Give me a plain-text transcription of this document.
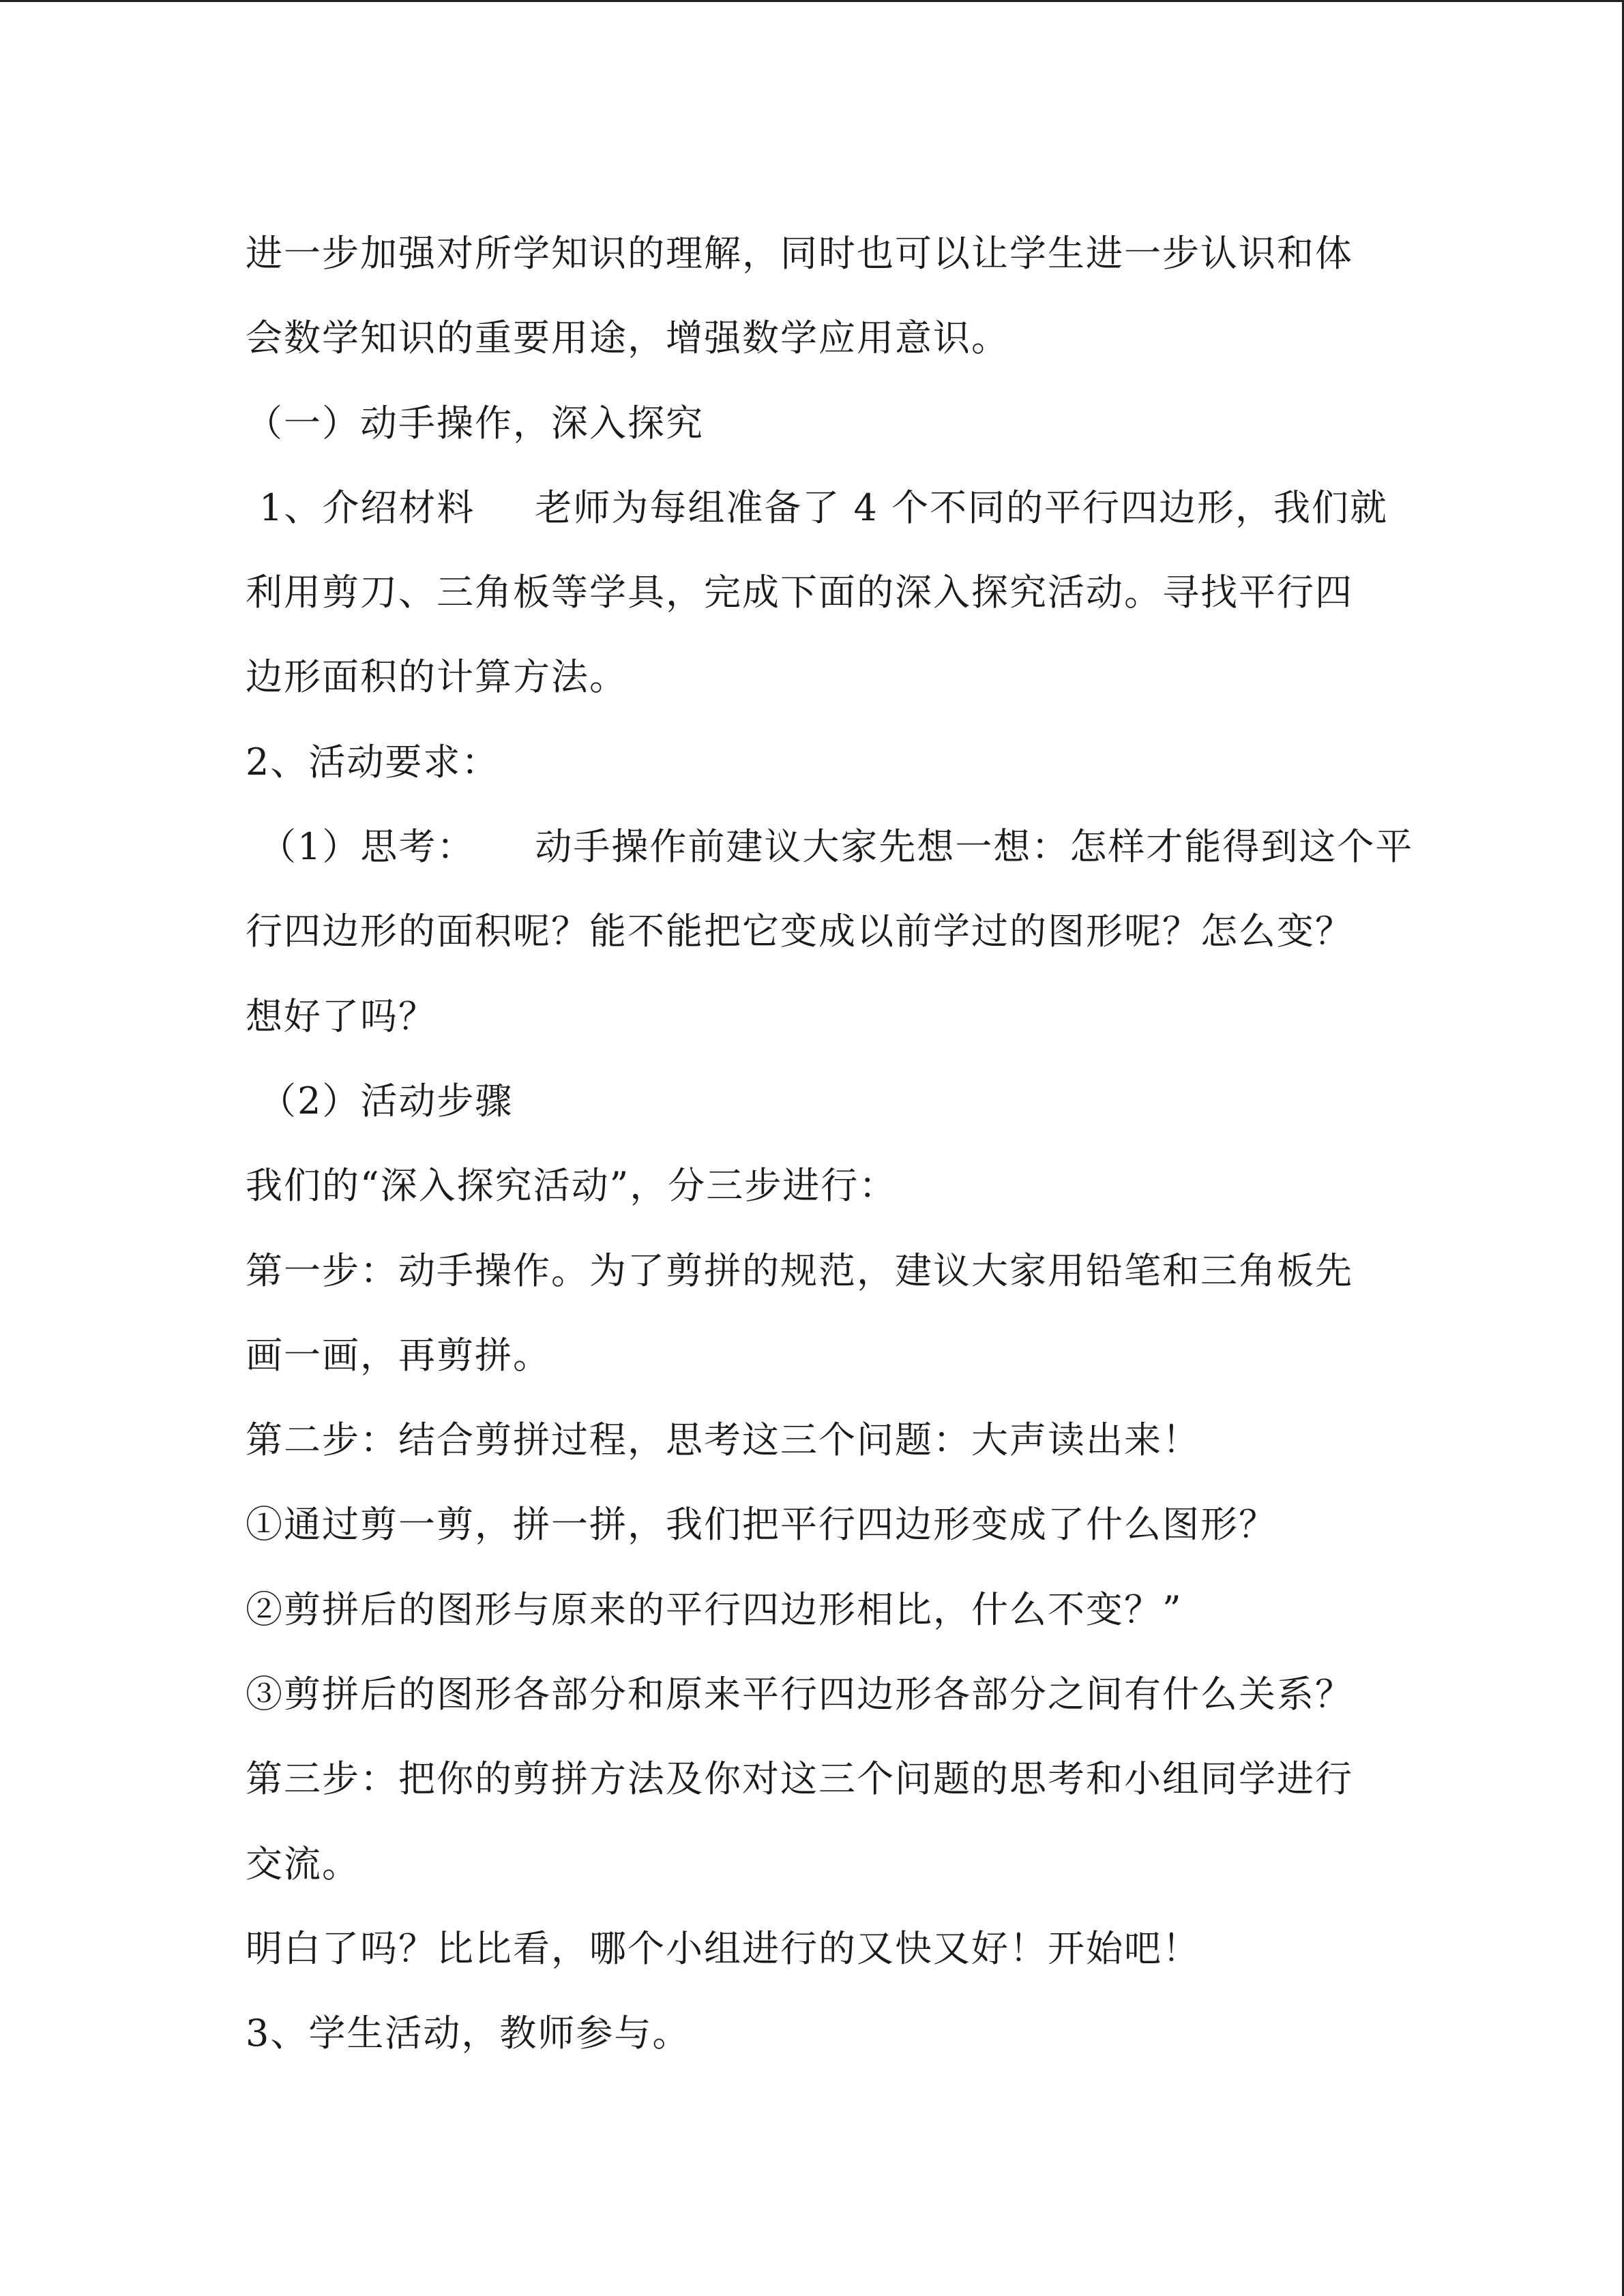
进一步加强对所学知识的理解，同时也可以让学生进一步认识和体
会数学知识的重要用途，增强数学应用意识。
（一）动手操作，深入探究
1、介绍材料 老师为每组准备了 4 个不同的平行四边形，我们就
利用剪刀、三角板等学具，完成下面的深入探究活动。寻找平行四
边形面积的计算方法。
2、活动要求：
（1）思考： 动手操作前建议大家先想一想：怎样才能得到这个平
行四边形的面积呢？能不能把它变成以前学过的图形呢？怎么变？
想好了吗？
（2）活动步骤
我们的“深入探究活动”，分三步进行：
第一步：动手操作。为了剪拼的规范，建议大家用铅笔和三角板先
画一画，再剪拼。
第二步：结合剪拼过程，思考这三个问题：大声读出来！
①通过剪一剪，拼一拼，我们把平行四边形变成了什么图形？
②剪拼后的图形与原来的平行四边形相比，什么不变？”
③剪拼后的图形各部分和原来平行四边形各部分之间有什么关系？
第三步：把你的剪拼方法及你对这三个问题的思考和小组同学进行
交流。
明白了吗？比比看，哪个小组进行的又快又好！开始吧！
3、学生活动，教师参与。
